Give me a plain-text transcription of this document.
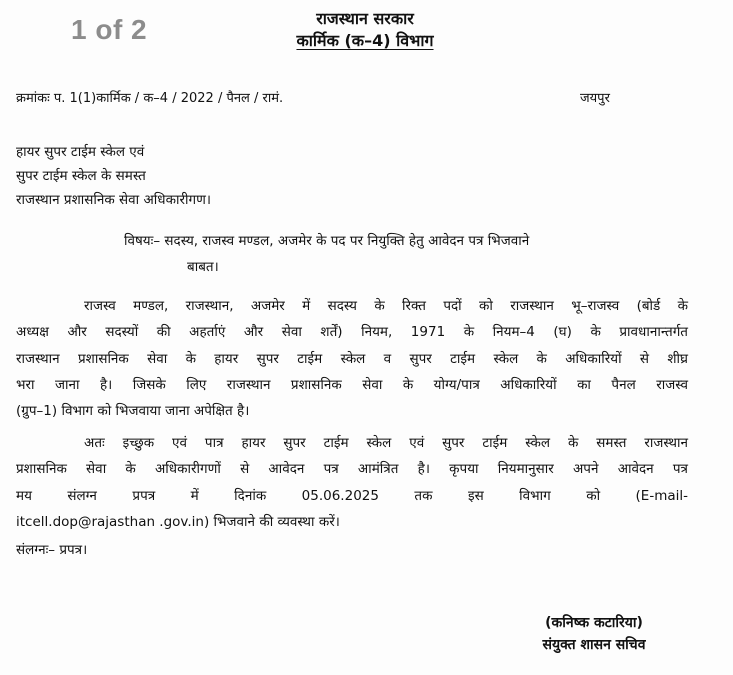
1 of 2	राजस्थान सरकार
कार्मिक (क–4) विभाग
क्रमांकः प. 1(1)कार्मिक / क–4 / 2022 / पैनल / रामं.	जयपुर
हायर सुपर टाईम स्केल एवं
सुपर टाईम स्केल के समस्त
राजस्थान प्रशासनिक सेवा अधिकारीगण।
विषयः– सदस्य, राजस्व मण्डल, अजमेर के पद पर नियुक्ति हेतु आवेदन पत्र भिजवाने
बाबत।
राजस्व मण्डल, राजस्थान, अजमेर में सदस्य के रिक्त पदों को राजस्थान भू–राजस्व (बोर्ड के
अध्यक्ष और सदस्यों की अहर्ताएं और सेवा शर्तें) नियम, 1971 के नियम–4 (घ) के प्रावधानान्तर्गत
राजस्थान प्रशासनिक सेवा के हायर सुपर टाईम स्केल व सुपर टाईम स्केल के अधिकारियों से शीघ्र
भरा जाना है। जिसके लिए राजस्थान प्रशासनिक सेवा के योग्य/पात्र अधिकारियों का पैनल राजस्व
(ग्रुप–1) विभाग को भिजवाया जाना अपेक्षित है।
अतः इच्छुक एवं पात्र हायर सुपर टाईम स्केल एवं सुपर टाईम स्केल के समस्त राजस्थान
प्रशासनिक सेवा के अधिकारीगणों से आवेदन पत्र आमंत्रित है। कृपया नियमानुसार अपने आवेदन पत्र
मय संलग्न प्रपत्र में दिनांक 05.06.2025 तक इस विभाग को (E-mail-
itcell.dop@rajasthan .gov.in) भिजवाने की व्यवस्था करें।
संलग्नः– प्रपत्र।
(कनिष्क कटारिया)
संयुक्त शासन सचिव
